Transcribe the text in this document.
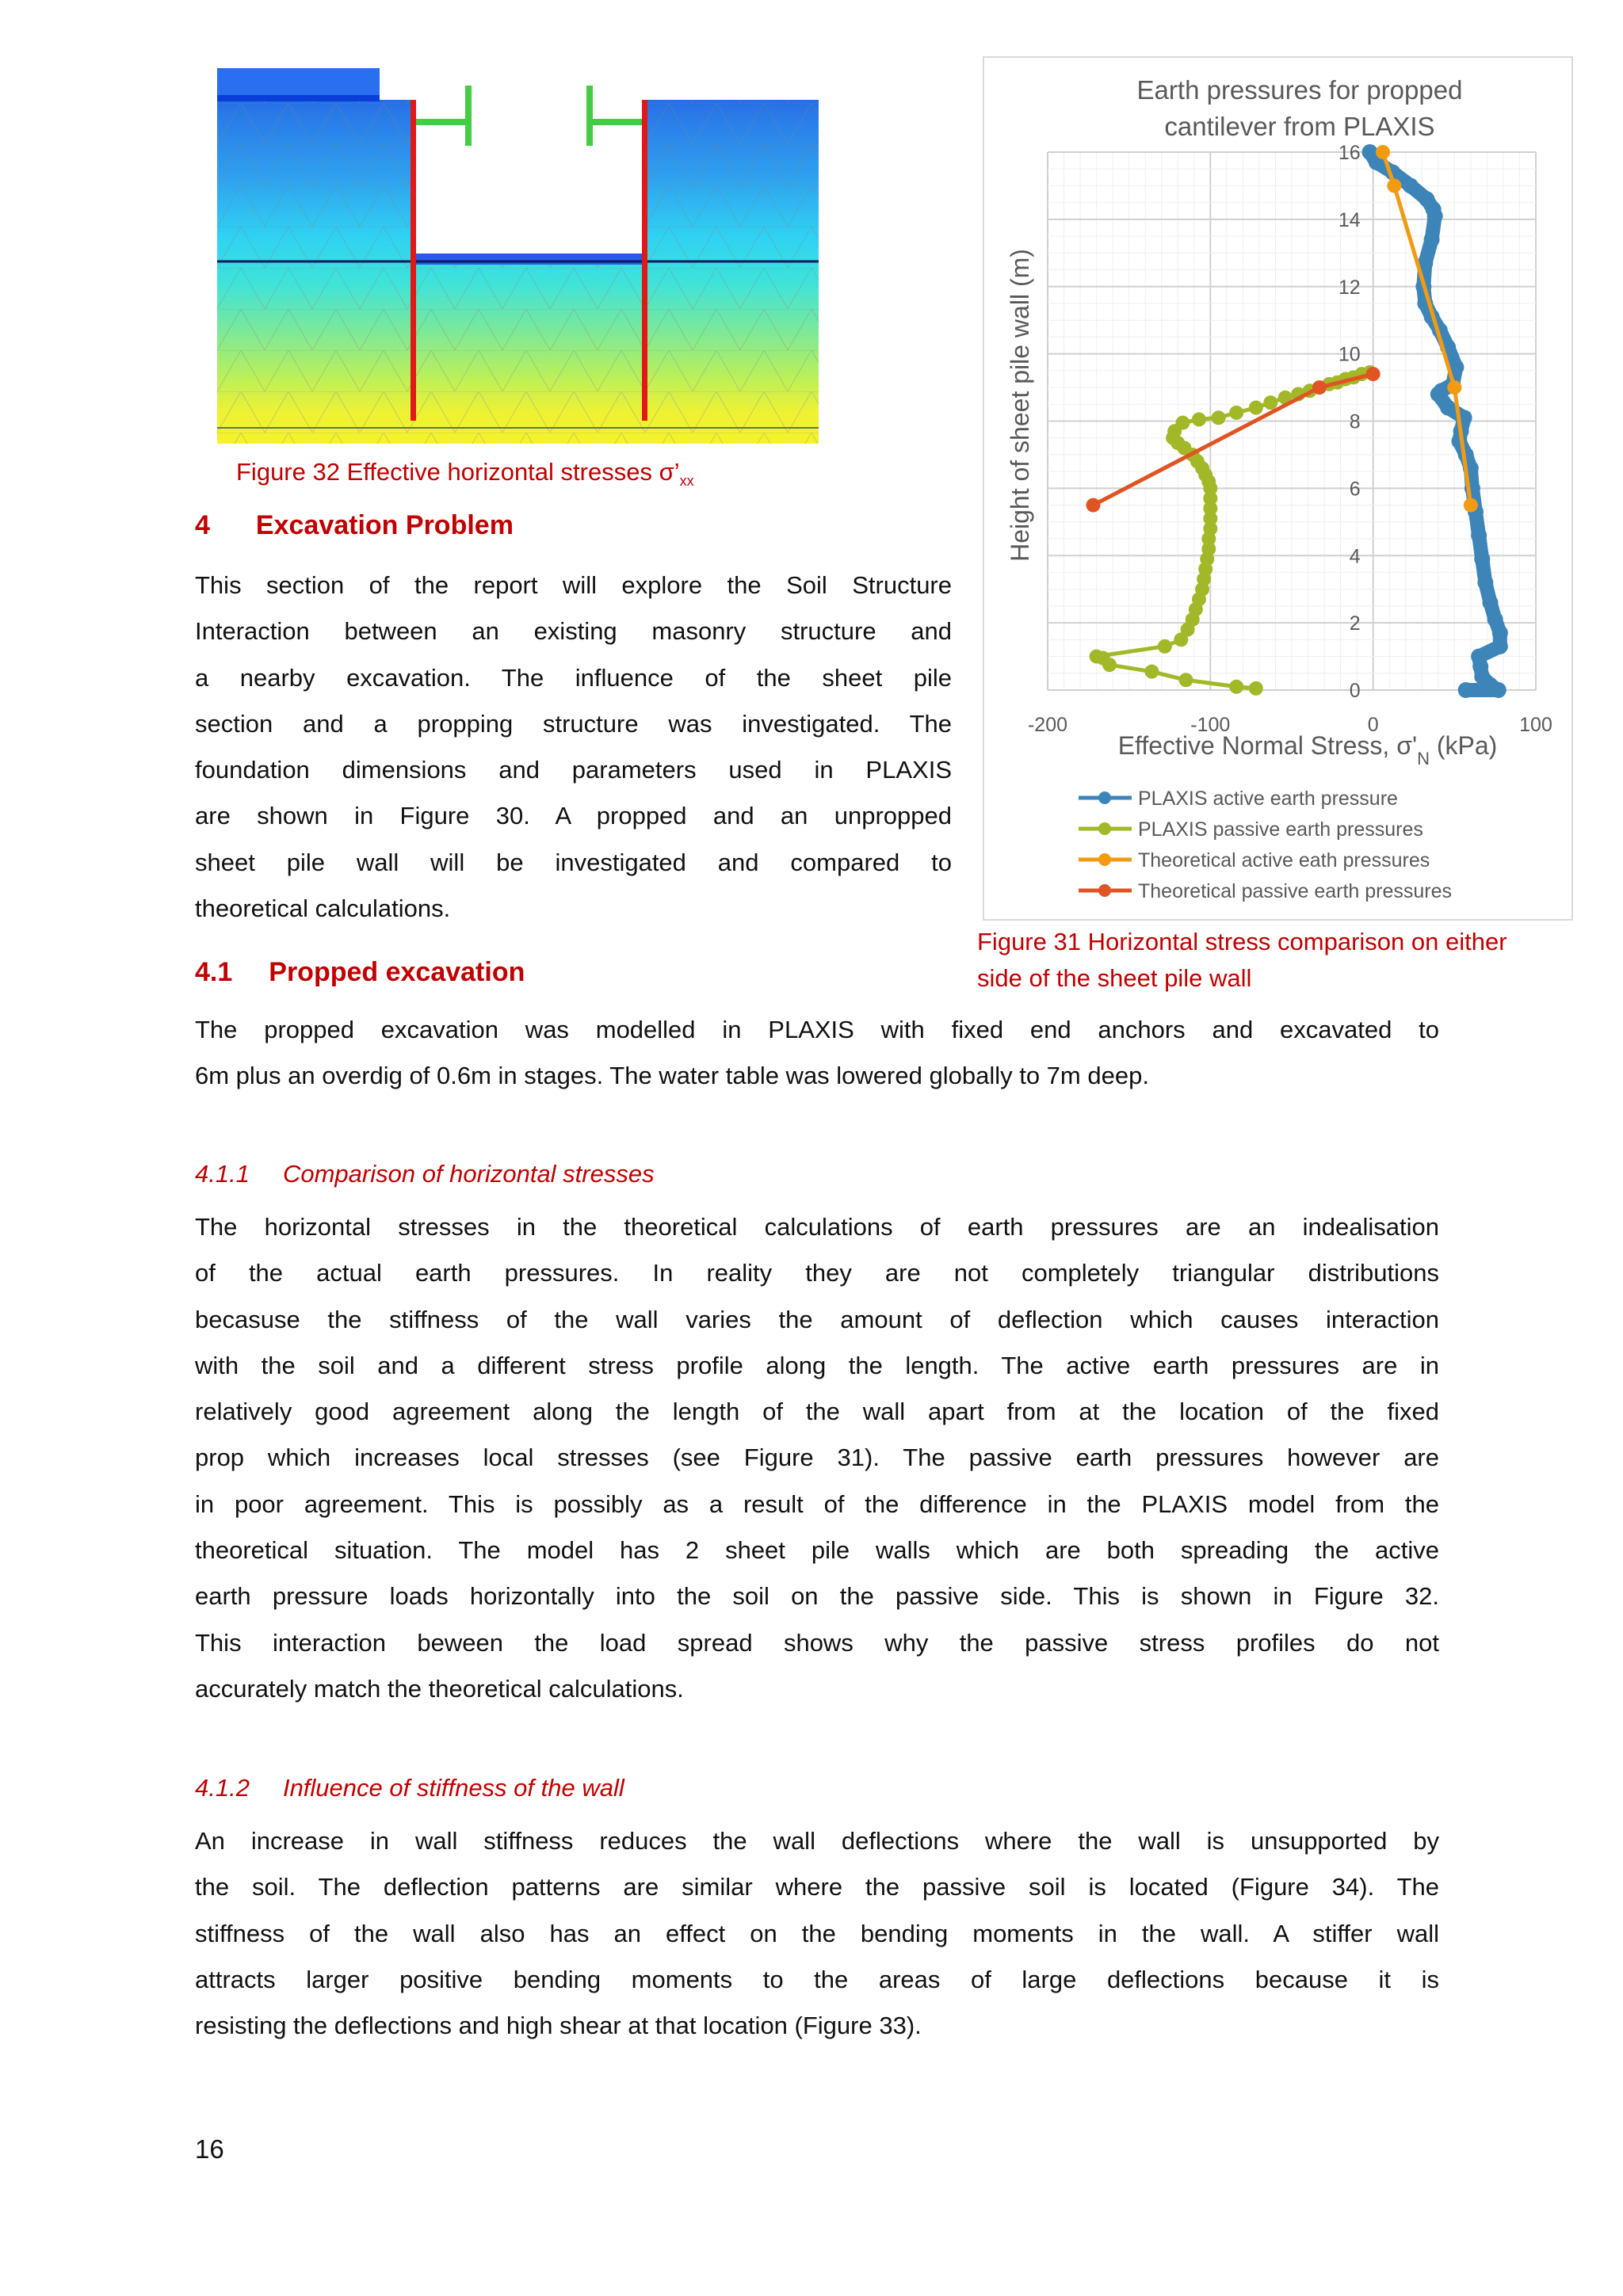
Figure 32 Effective horizontal stresses $\sigma’_{xx}$
4 Excavation Problem
This section of the report will explore the Soil Structure
Interaction between an existing masonry structure and
a nearby excavation. The influence of the sheet pile
section and a propping structure was investigated. The
foundation dimensions and parameters used in PLAXIS
are shown in Figure 30. A propped and an unpropped
sheet pile wall will be investigated and compared to
theoretical calculations.
Earth pressures for propped
cantilever from PLAXIS
-200	-100	0	100
0
2
4
6
8
10
12
14
16
Effective Normal Stress, $\sigma'_N$ (kPa)
Height of sheet pile wall (m)
PLAXIS active earth pressure
PLAXIS passive earth pressures
Theoretical active eath pressures
Theoretical passive earth pressures
Figure 31 Horizontal stress comparison on either
side of the sheet pile wall
4.1 Propped excavation
The propped excavation was modelled in PLAXIS with fixed end anchors and excavated to
6m plus an overdig of 0.6m in stages. The water table was lowered globally to 7m deep.
4.1.1 Comparison of horizontal stresses
The horizontal stresses in the theoretical calculations of earth pressures are an indealisation
of the actual earth pressures. In reality they are not completely triangular distributions
becasuse the stiffness of the wall varies the amount of deflection which causes interaction
with the soil and a different stress profile along the length. The active earth pressures are in
relatively good agreement along the length of the wall apart from at the location of the fixed
prop which increases local stresses (see Figure 31). The passive earth pressures however are
in poor agreement. This is possibly as a result of the difference in the PLAXIS model from the
theoretical situation. The model has 2 sheet pile walls which are both spreading the active
earth pressure loads horizontally into the soil on the passive side. This is shown in Figure 32.
This interaction beween the load spread shows why the passive stress profiles do not
accurately match the theoretical calculations.
4.1.2 Influence of stiffness of the wall
An increase in wall stiffness reduces the wall deflections where the wall is unsupported by
the soil. The deflection patterns are similar where the passive soil is located (Figure 34). The
stiffness of the wall also has an effect on the bending moments in the wall. A stiffer wall
attracts larger positive bending moments to the areas of large deflections because it is
resisting the deflections and high shear at that location (Figure 33).
16
